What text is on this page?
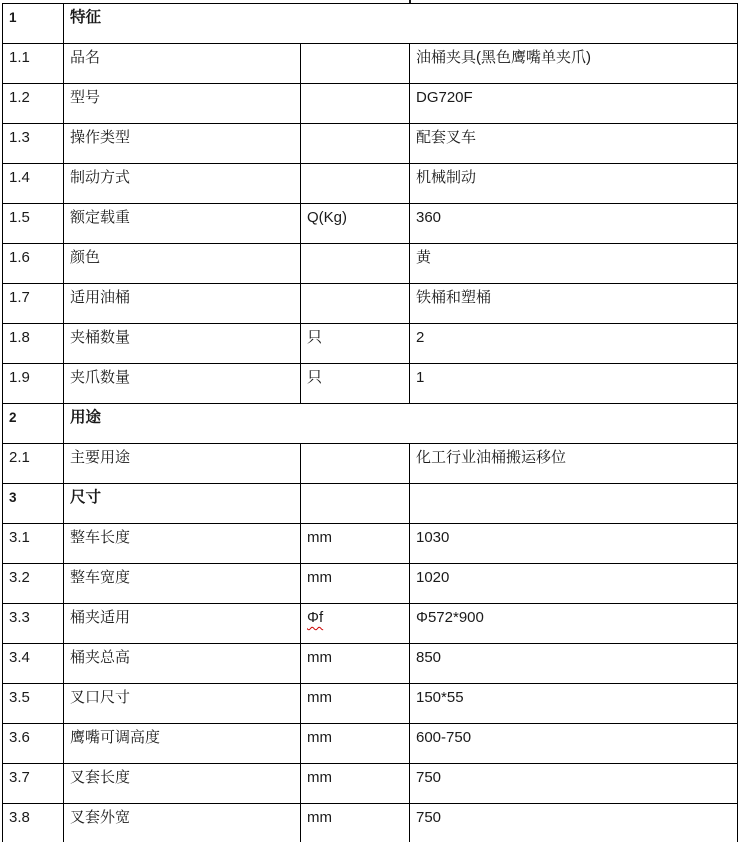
1	特征		
1.1	品名		油桶夹具(黑色鹰嘴单夹爪)
1.2	型号		DG720F
1.3	操作类型		配套叉车
1.4	制动方式		机械制动
1.5	额定载重	Q(Kg)	360
1.6	颜色		黄
1.7	适用油桶		铁桶和塑桶
1.8	夹桶数量	只	2
1.9	夹爪数量	只	1
2	用途		
2.1	主要用途		化工行业油桶搬运移位
3	尺寸		
3.1	整车长度	mm	1030
3.2	整车宽度	mm	1020
3.3	桶夹适用	Φf	Φ572*900
3.4	桶夹总高	mm	850
3.5	叉口尺寸	mm	150*55
3.6	鹰嘴可调高度	mm	600-750
3.7	叉套长度	mm	750
3.8	叉套外宽	mm	750
